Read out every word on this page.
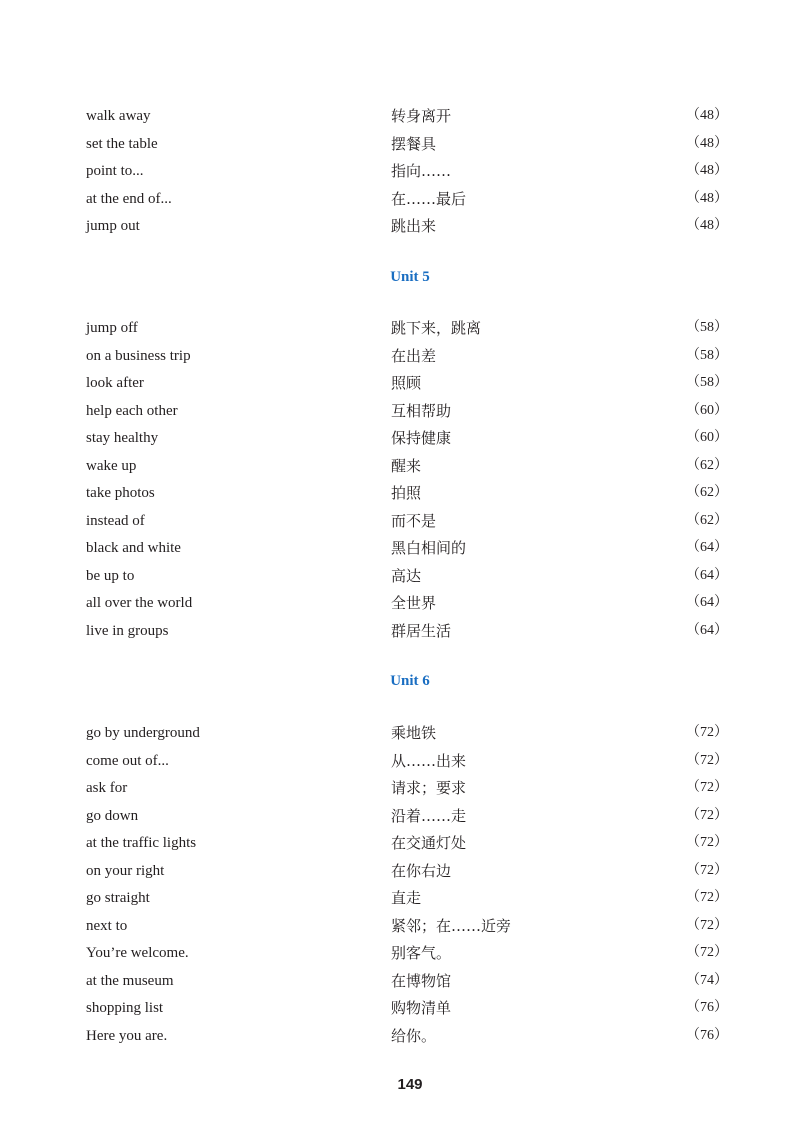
walk away	转身离开	（48）
set the table	摆餐具	（48）
point to...	指向……	（48）
at the end of...	在……最后	（48）
jump out	跳出来	（48）
Unit 5
jump off	跳下来，跳离	（58）
on a business trip	在出差	（58）
look after	照顾	（58）
help each other	互相帮助	（60）
stay healthy	保持健康	（60）
wake up	醒来	（62）
take photos	拍照	（62）
instead of	而不是	（62）
black and white	黑白相间的	（64）
be up to	高达	（64）
all over the world	全世界	（64）
live in groups	群居生活	（64）
Unit 6
go by underground	乘地铁	（72）
come out of...	从……出来	（72）
ask for	请求；要求	（72）
go down	沿着……走	（72）
at the traffic lights	在交通灯处	（72）
on your right	在你右边	（72）
go straight	直走	（72）
next to	紧邻；在……近旁	（72）
You’re welcome.	别客气。	（72）
at the museum	在博物馆	（74）
shopping list	购物清单	（76）
Here you are.	给你。	（76）
149
